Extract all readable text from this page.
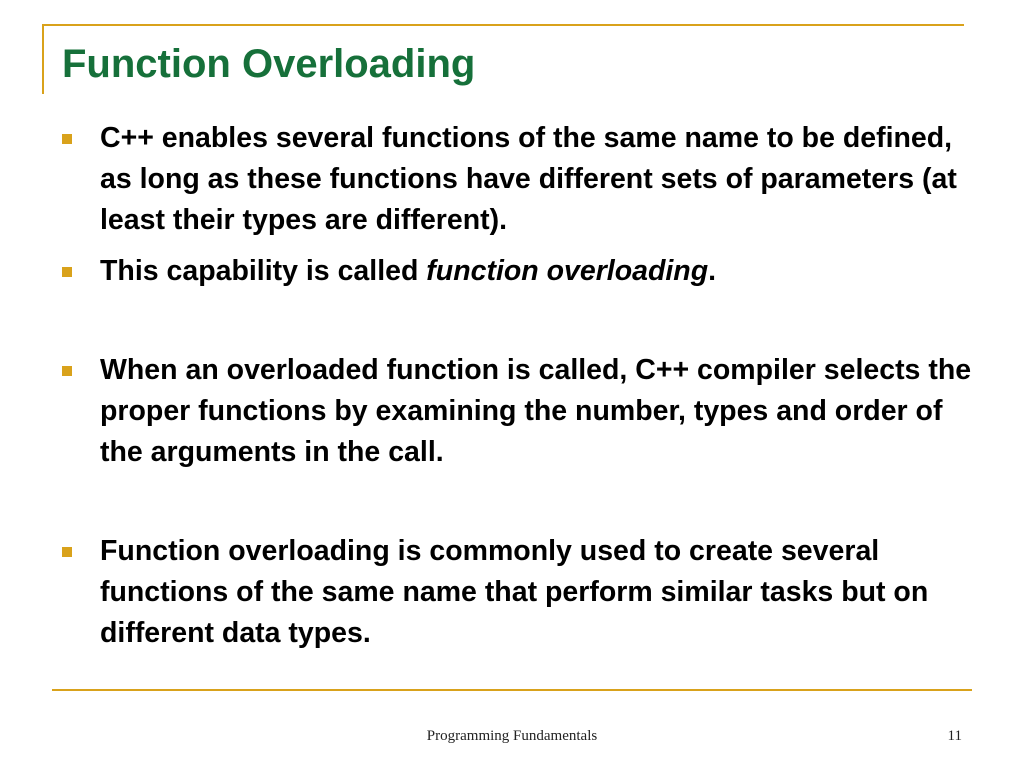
Function Overloading
C++ enables several functions of the same name to be defined, as long as these functions have different sets of parameters (at least their types are different).
This capability is called function overloading.
When an overloaded function is called, C++ compiler selects the proper functions by examining the number, types and order of the arguments in the call.
Function overloading is commonly used to create several functions of the same name that perform similar tasks but on different data types.
Programming Fundamentals	11
